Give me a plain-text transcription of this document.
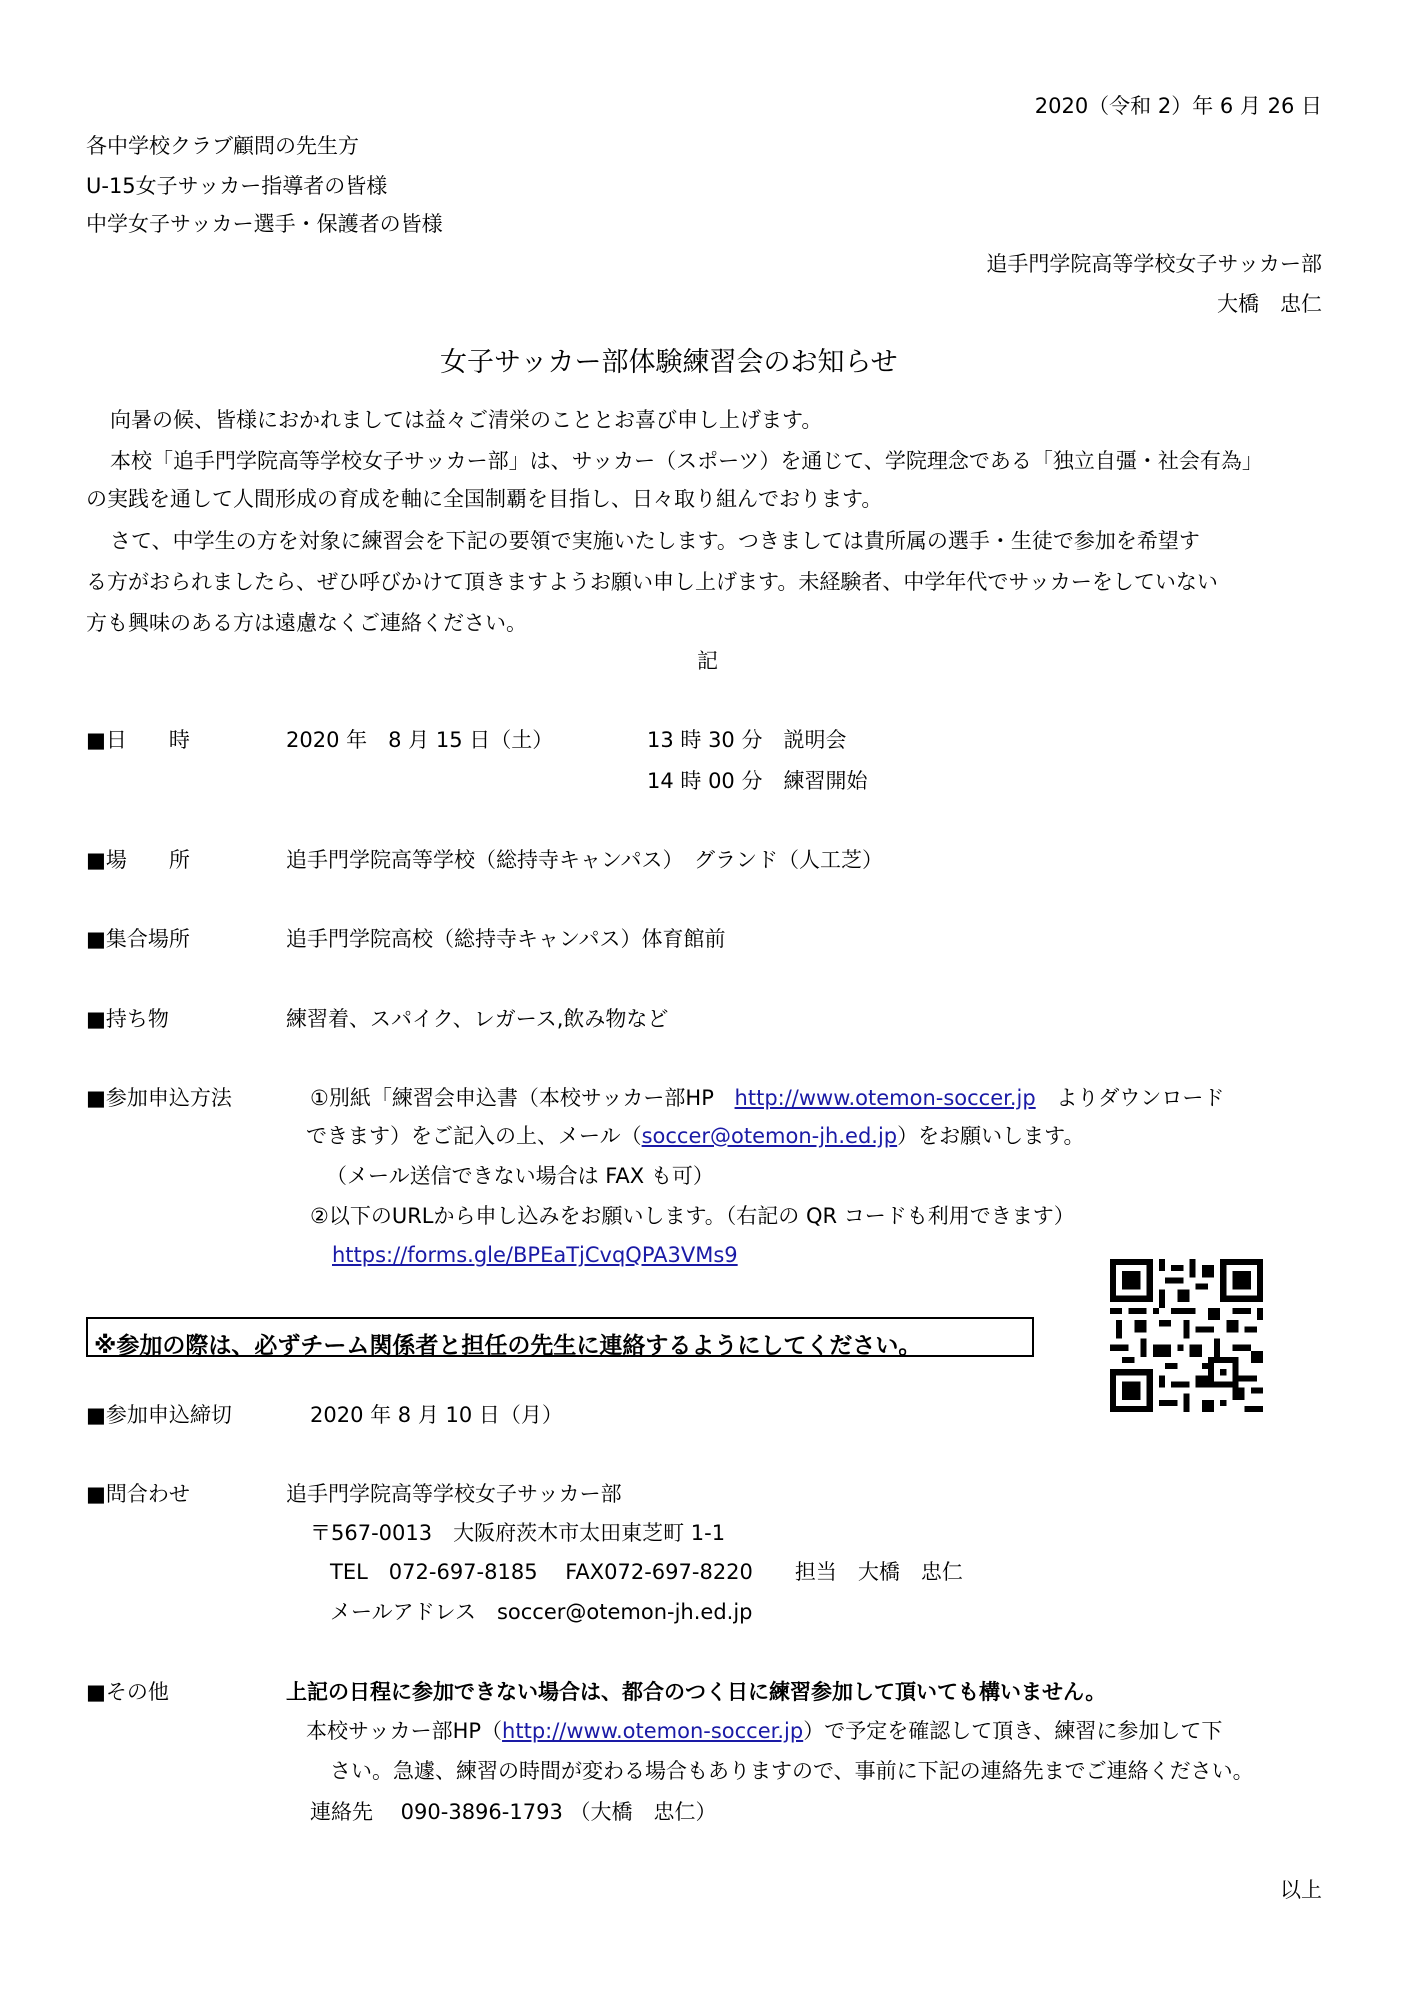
2020（令和 2）年 6 月 26 日
各中学校クラブ顧問の先生方
U-15女子サッカー指導者の皆様
中学女子サッカー選手・保護者の皆様
追手門学院高等学校女子サッカー部
大橋　忠仁
女子サッカー部体験練習会のお知らせ
向暑の候、皆様におかれましては益々ご清栄のこととお喜び申し上げます。
本校「追手門学院高等学校女子サッカー部」は、サッカー（スポーツ）を通じて、学院理念である「独立自彊・社会有為」
の実践を通して人間形成の育成を軸に全国制覇を目指し、日々取り組んでおります。
さて、中学生の方を対象に練習会を下記の要領で実施いたします。つきましては貴所属の選手・生徒で参加を希望す
る方がおられましたら、ぜひ呼びかけて頂きますようお願い申し上げます。未経験者、中学年代でサッカーをしていない
方も興味のある方は遠慮なくご連絡ください。
記
■日　　時	2020 年　8 月 15 日（土）	13 時 30 分　説明会
14 時 00 分　練習開始
■場　　所	追手門学院高等学校（総持寺キャンパス）　グランド（人工芝）
■集合場所	追手門学院高校（総持寺キャンパス）体育館前
■持ち物	練習着、スパイク、レガース,飲み物など
■参加申込方法	①別紙「練習会申込書（本校サッカー部HP http://www.otemon-soccer.jp よりダウンロード
できます）をご記入の上、メール（soccer@otemon-jh.ed.jp）をお願いします。
（メール送信できない場合は FAX も可）
②以下のURLから申し込みをお願いします。（右記の QR コードも利用できます）
https://forms.gle/BPEaTjCvqQPA3VMs9
※参加の際は、必ずチーム関係者と担任の先生に連絡するようにしてください。
■参加申込締切	2020 年 8 月 10 日（月）
■問合わせ	追手門学院高等学校女子サッカー部
〒567-0013　大阪府茨木市太田東芝町 1-1
TEL　072-697-8185　 FAX072-697-8220　　担当　大橋　忠仁
メールアドレス　soccer@otemon-jh.ed.jp
■その他	上記の日程に参加できない場合は、都合のつく日に練習参加して頂いても構いません。
本校サッカー部HP（http://www.otemon-soccer.jp）で予定を確認して頂き、練習に参加して下
さい。急遽、練習の時間が変わる場合もありますので、事前に下記の連絡先までご連絡ください。
連絡先　 090-3896-1793 （大橋　忠仁）
以上
